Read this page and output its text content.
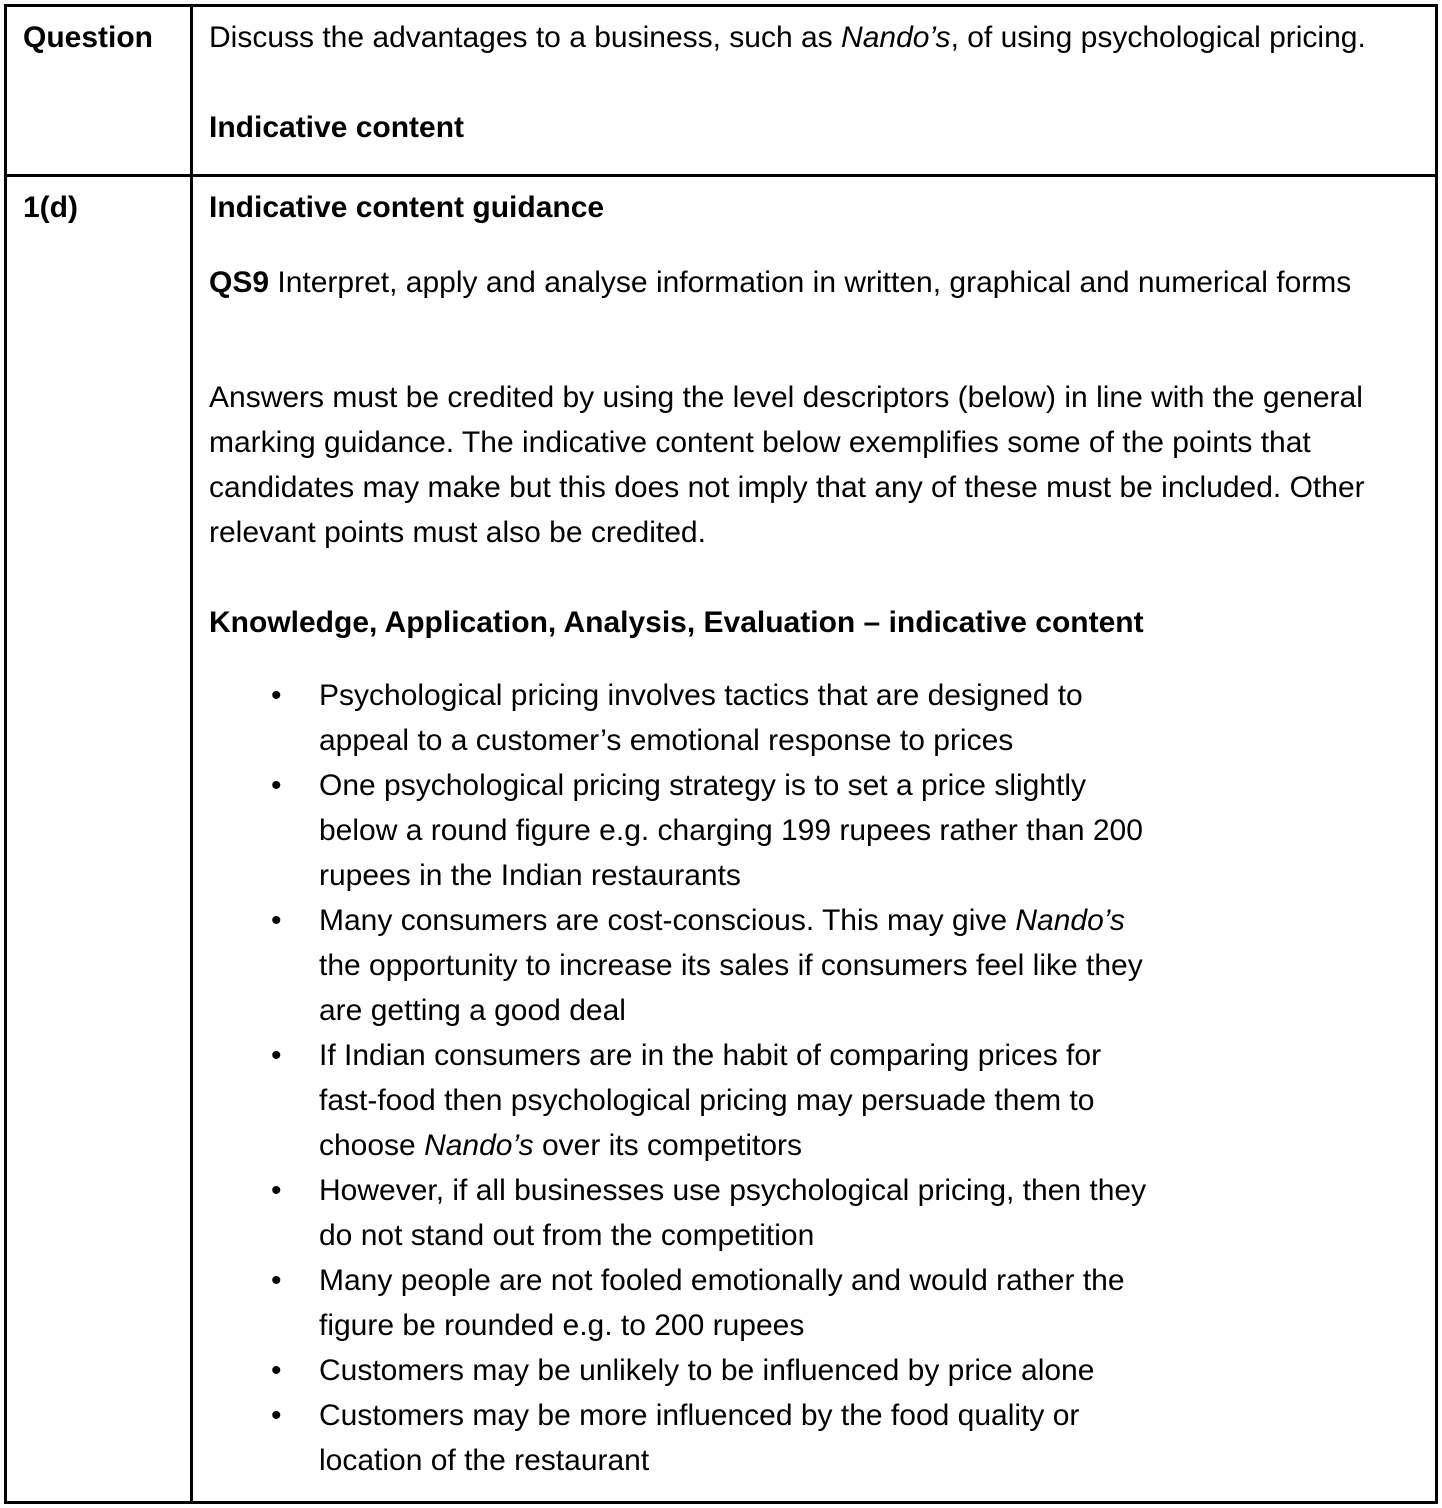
Question	Discuss the advantages to a business, such as Nando’s, of using psychological pricing.

Indicative content

1(d)	Indicative content guidance

QS9 Interpret, apply and analyse information in written, graphical and numerical forms

Answers must be credited by using the level descriptors (below) in line with the general marking guidance. The indicative content below exemplifies some of the points that candidates may make but this does not imply that any of these must be included. Other relevant points must also be credited.

Knowledge, Application, Analysis, Evaluation – indicative content

• Psychological pricing involves tactics that are designed to appeal to a customer’s emotional response to prices
• One psychological pricing strategy is to set a price slightly below a round figure e.g. charging 199 rupees rather than 200 rupees in the Indian restaurants
• Many consumers are cost-conscious. This may give Nando’s the opportunity to increase its sales if consumers feel like they are getting a good deal
• If Indian consumers are in the habit of comparing prices for fast-food then psychological pricing may persuade them to choose Nando’s over its competitors
• However, if all businesses use psychological pricing, then they do not stand out from the competition
• Many people are not fooled emotionally and would rather the figure be rounded e.g. to 200 rupees
• Customers may be unlikely to be influenced by price alone
• Customers may be more influenced by the food quality or location of the restaurant
